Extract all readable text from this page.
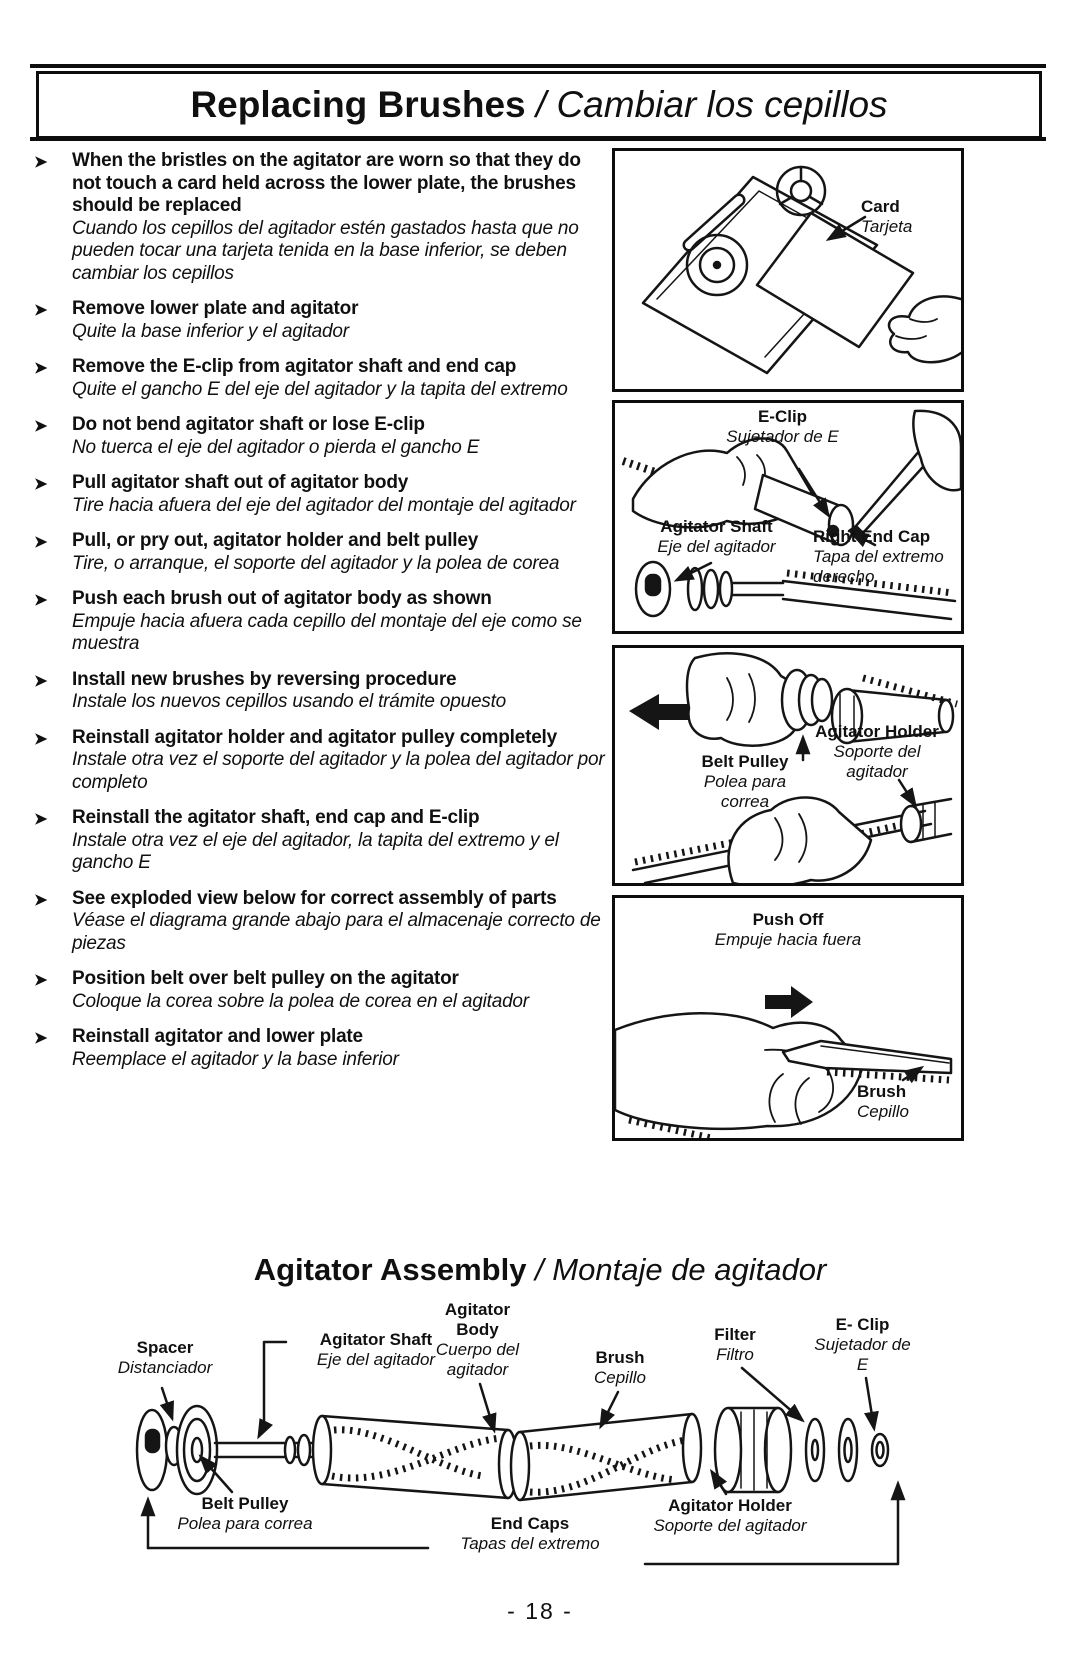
Replacing Brushes / Cambiar los cepillos
➤	When the bristles on the agitator are worn so that they do not touch a card held across the lower plate, the brushes should be replaced
Cuando los cepillos del agitador estén gastados hasta que no pueden tocar una tarjeta tenida en la base inferior, se deben cambiar los cepillos
➤	Remove lower plate and agitator
Quite la base inferior y el agitador
➤	Remove the E-clip from agitator shaft and end cap
Quite el gancho E del eje del agitador y la tapita del extremo
➤	Do not bend agitator shaft or lose E-clip
No tuerca el eje del agitador o pierda el gancho E
➤	Pull agitator shaft out of agitator body
Tire hacia afuera del eje del agitador del montaje del agitador
➤	Pull, or pry out, agitator holder and belt pulley
Tire, o arranque, el soporte del agitador y la polea de corea
➤	Push each brush out of agitator body as shown
Empuje hacia afuera cada cepillo del montaje del eje como se muestra
➤	Install new brushes by reversing procedure
Instale los nuevos cepillos usando el trámite opuesto
➤	Reinstall agitator holder and agitator pulley completely
Instale otra vez el soporte del agitador y la polea del agitador por completo
➤	Reinstall the agitator shaft, end cap and E-clip
Instale otra vez el eje del agitador, la tapita del extremo y el gancho E
➤	See exploded view below for correct assembly of parts
Véase el diagrama grande abajo para el almacenaje correcto de piezas
➤	Position belt over belt pulley on the agitator
Coloque la corea sobre la polea de corea en el agitador
➤	Reinstall agitator and lower plate
Reemplace el agitador y la base inferior
Card
Tarjeta
E-Clip
Sujetador de E
Agitator Shaft
Eje del agitador
Right End Cap
Tapa del extremo derecho
Belt Pulley
Polea para correa
Agitator Holder
Soporte del agitador
Push Off
Empuje hacia fuera
Brush
Cepillo
Agitator Assembly / Montaje de agitador
Spacer
Distanciador
Agitator Shaft
Eje del agitador
Agitator Body
Cuerpo del agitador
Brush
Cepillo
Filter
Filtro
E- Clip
Sujetador de E
Belt Pulley
Polea para correa	End Caps
Tapas del extremo
Agitator Holder
Soporte del agitador
- 18 -
